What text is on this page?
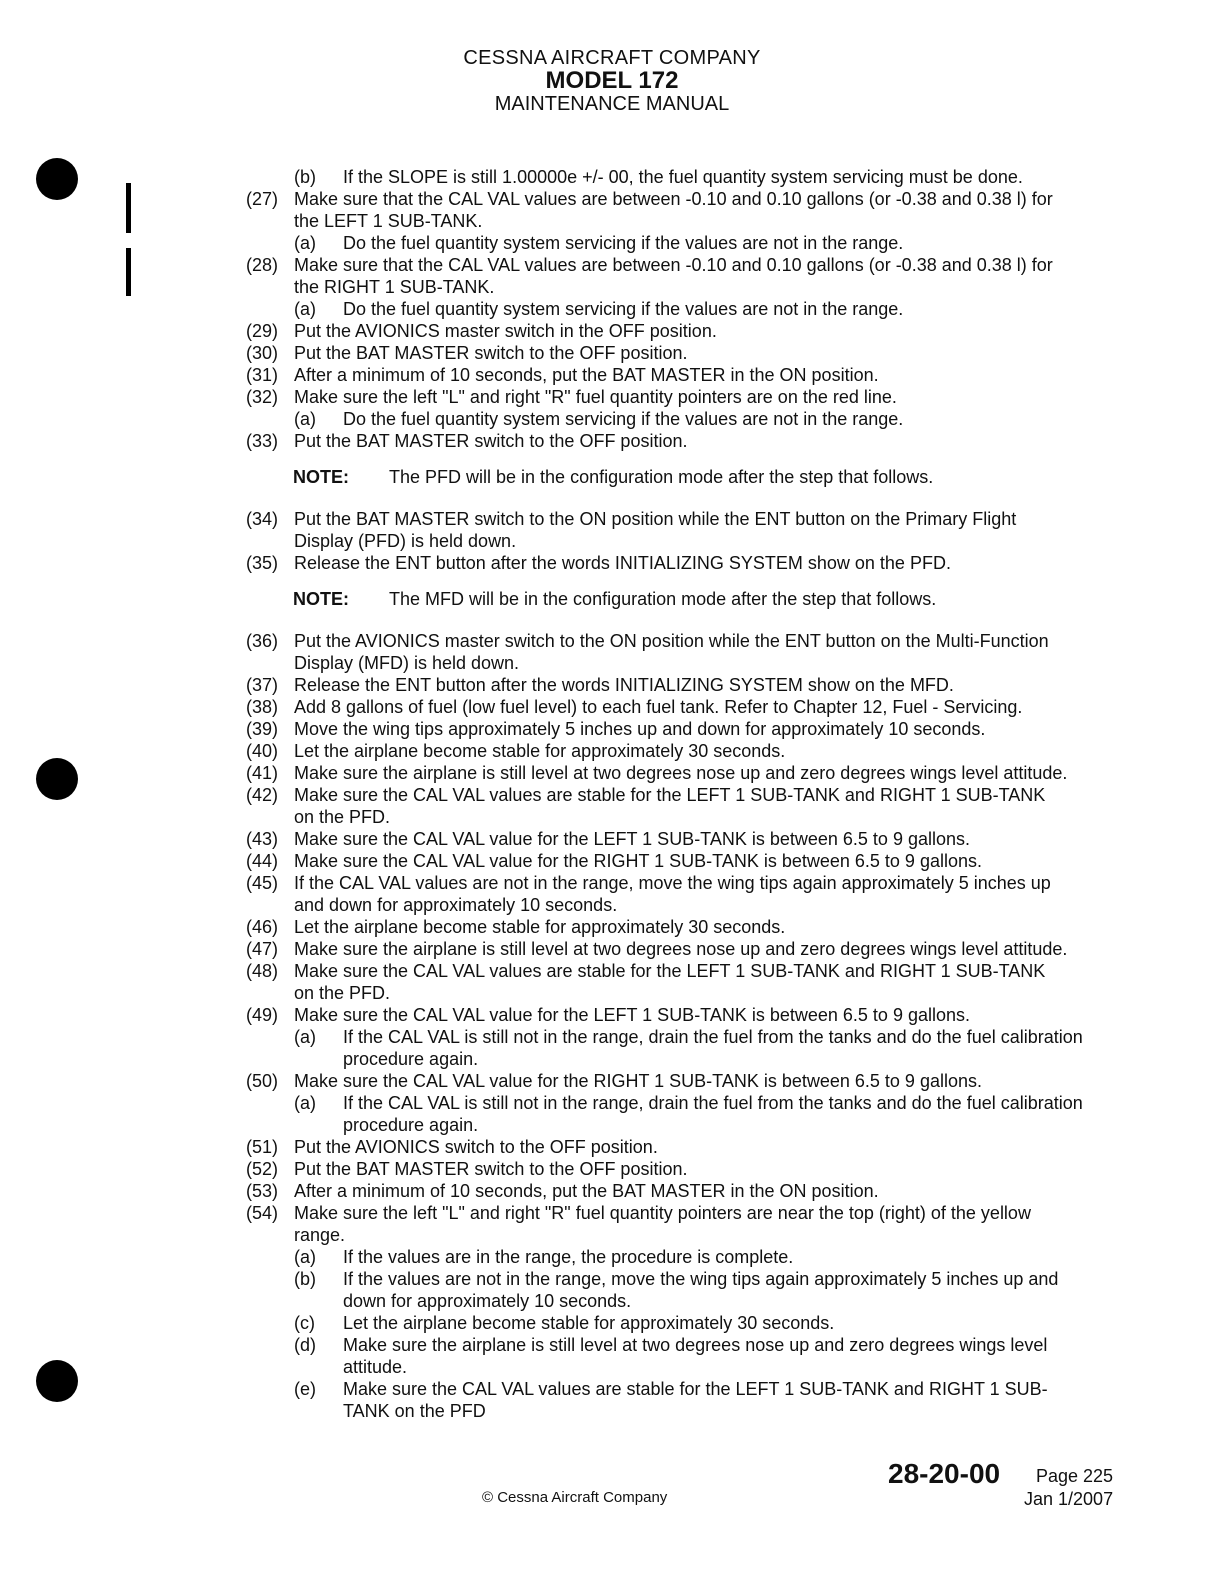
CESSNA AIRCRAFT COMPANY
MODEL 172
MAINTENANCE MANUAL
(b) If the SLOPE is still 1.00000e +/- 00, the fuel quantity system servicing must be done.
(27) Make sure that the CAL VAL values are between -0.10 and 0.10 gallons (or -0.38 and 0.38 l) for
the LEFT 1 SUB-TANK.
(a) Do the fuel quantity system servicing if the values are not in the range.
(28) Make sure that the CAL VAL values are between -0.10 and 0.10 gallons (or -0.38 and 0.38 l) for
the RIGHT 1 SUB-TANK.
(a) Do the fuel quantity system servicing if the values are not in the range.
(29) Put the AVIONICS master switch in the OFF position.
(30) Put the BAT MASTER switch to the OFF position.
(31) After a minimum of 10 seconds, put the BAT MASTER in the ON position.
(32) Make sure the left "L" and right "R" fuel quantity pointers are on the red line.
(a) Do the fuel quantity system servicing if the values are not in the range.
(33) Put the BAT MASTER switch to the OFF position.
NOTE: The PFD will be in the configuration mode after the step that follows.
(34) Put the BAT MASTER switch to the ON position while the ENT button on the Primary Flight
Display (PFD) is held down.
(35) Release the ENT button after the words INITIALIZING SYSTEM show on the PFD.
NOTE: The MFD will be in the configuration mode after the step that follows.
(36) Put the AVIONICS master switch to the ON position while the ENT button on the Multi-Function
Display (MFD) is held down.
(37) Release the ENT button after the words INITIALIZING SYSTEM show on the MFD.
(38) Add 8 gallons of fuel (low fuel level) to each fuel tank. Refer to Chapter 12, Fuel - Servicing.
(39) Move the wing tips approximately 5 inches up and down for approximately 10 seconds.
(40) Let the airplane become stable for approximately 30 seconds.
(41) Make sure the airplane is still level at two degrees nose up and zero degrees wings level attitude.
(42) Make sure the CAL VAL values are stable for the LEFT 1 SUB-TANK and RIGHT 1 SUB-TANK
on the PFD.
(43) Make sure the CAL VAL value for the LEFT 1 SUB-TANK is between 6.5 to 9 gallons.
(44) Make sure the CAL VAL value for the RIGHT 1 SUB-TANK is between 6.5 to 9 gallons.
(45) If the CAL VAL values are not in the range, move the wing tips again approximately 5 inches up
and down for approximately 10 seconds.
(46) Let the airplane become stable for approximately 30 seconds.
(47) Make sure the airplane is still level at two degrees nose up and zero degrees wings level attitude.
(48) Make sure the CAL VAL values are stable for the LEFT 1 SUB-TANK and RIGHT 1 SUB-TANK
on the PFD.
(49) Make sure the CAL VAL value for the LEFT 1 SUB-TANK is between 6.5 to 9 gallons.
(a) If the CAL VAL is still not in the range, drain the fuel from the tanks and do the fuel calibration
procedure again.
(50) Make sure the CAL VAL value for the RIGHT 1 SUB-TANK is between 6.5 to 9 gallons.
(a) If the CAL VAL is still not in the range, drain the fuel from the tanks and do the fuel calibration
procedure again.
(51) Put the AVIONICS switch to the OFF position.
(52) Put the BAT MASTER switch to the OFF position.
(53) After a minimum of 10 seconds, put the BAT MASTER in the ON position.
(54) Make sure the left "L" and right "R" fuel quantity pointers are near the top (right) of the yellow
range.
(a) If the values are in the range, the procedure is complete.
(b) If the values are not in the range, move the wing tips again approximately 5 inches up and
down for approximately 10 seconds.
(c) Let the airplane become stable for approximately 30 seconds.
(d) Make sure the airplane is still level at two degrees nose up and zero degrees wings level
attitude.
(e) Make sure the CAL VAL values are stable for the LEFT 1 SUB-TANK and RIGHT 1 SUB-
TANK on the PFD
28-20-00 Page 225
Jan 1/2007
© Cessna Aircraft Company
